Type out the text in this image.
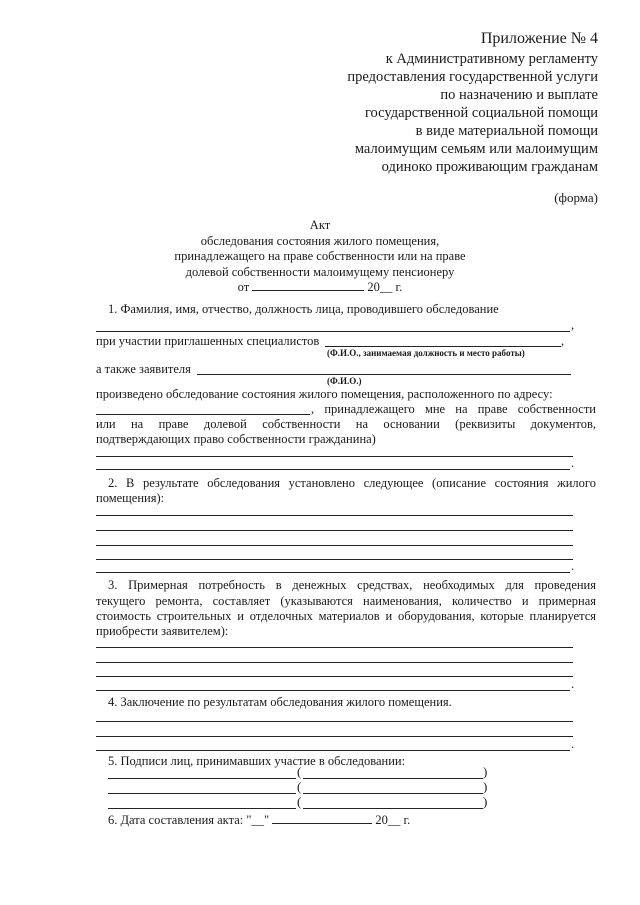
Приложение № 4
к Административному регламенту
предоставления государственной услуги
по назначению и выплате
государственной социальной помощи
в виде материальной помощи
малоимущим семьям или малоимущим
одиноко проживающим гражданам
(форма)
Акт
обследования состояния жилого помещения,
принадлежащего на праве собственности или на праве
долевой собственности малоимущему пенсионеру
от	20__ г.
1. Фамилия, имя, отчество, должность лица, проводившего обследование
,
при участии приглашенных специалистов	,
(Ф.И.О., занимаемая должность и место работы)
а также заявителя
(Ф.И.О.)
произведено обследование состояния жилого помещения, расположенного по адресу:
, принадлежащего мне на праве собственности
или на праве долевой собственности на основании (реквизиты документов,
подтверждающих право собственности гражданина)
.
2. В результате обследования установлено следующее (описание состояния жилого
помещения):
.
3. Примерная потребность в денежных средствах, необходимых для проведения
текущего ремонта, составляет (указываются наименования, количество и примерная
стоимость строительных и отделочных материалов и оборудования, которые планируется
приобрести заявителем):
.
4. Заключение по результатам обследования жилого помещения.
.
5. Подписи лиц, принимавших участие в обследовании:
(	)
(	)
(	)
6. Дата составления акта: "__"	20__ г.
